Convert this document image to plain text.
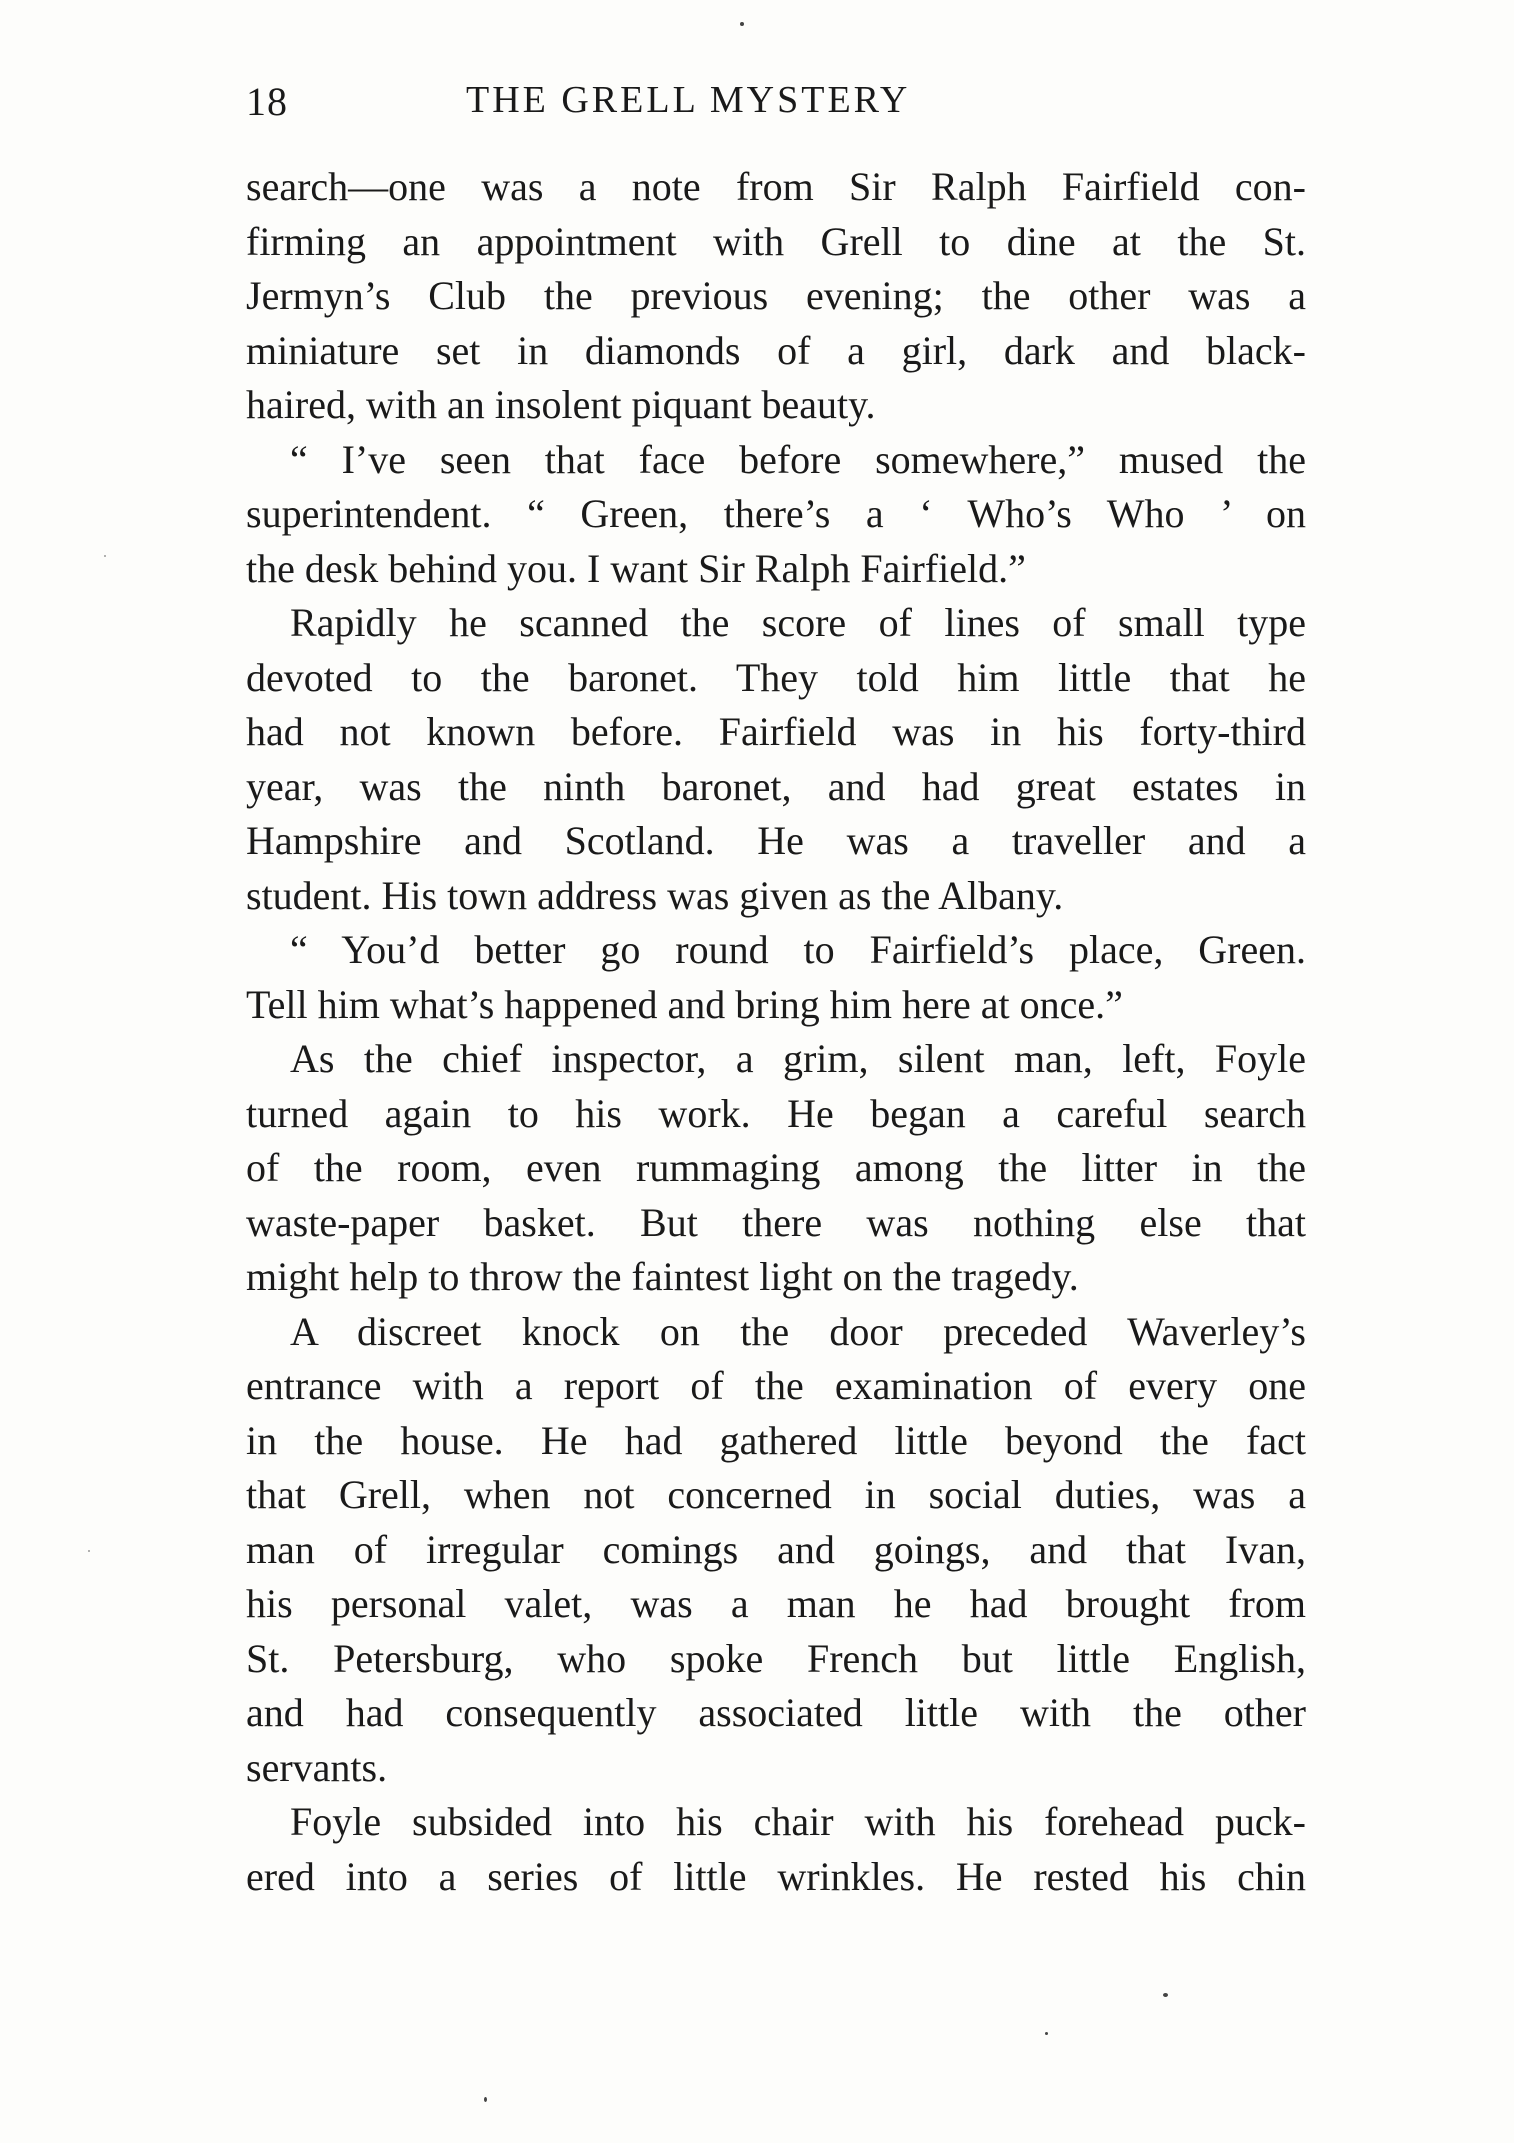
18	THE GRELL MYSTERY
search—one was a note from Sir Ralph Fairfield con-
firming an appointment with Grell to dine at the St.
Jermyn’s Club the previous evening; the other was a
miniature set in diamonds of a girl, dark and black-
haired, with an insolent piquant beauty.
“ I’ve seen that face before somewhere,” mused the
superintendent. “ Green, there’s a ‘ Who’s Who ’ on
the desk behind you. I want Sir Ralph Fairfield.”
Rapidly he scanned the score of lines of small type
devoted to the baronet. They told him little that he
had not known before. Fairfield was in his forty-third
year, was the ninth baronet, and had great estates in
Hampshire and Scotland. He was a traveller and a
student. His town address was given as the Albany.
“ You’d better go round to Fairfield’s place, Green.
Tell him what’s happened and bring him here at once.”
As the chief inspector, a grim, silent man, left, Foyle
turned again to his work. He began a careful search
of the room, even rummaging among the litter in the
waste-paper basket. But there was nothing else that
might help to throw the faintest light on the tragedy.
A discreet knock on the door preceded Waverley’s
entrance with a report of the examination of every one
in the house. He had gathered little beyond the fact
that Grell, when not concerned in social duties, was a
man of irregular comings and goings, and that Ivan,
his personal valet, was a man he had brought from
St. Petersburg, who spoke French but little English,
and had consequently associated little with the other
servants.
Foyle subsided into his chair with his forehead puck-
ered into a series of little wrinkles. He rested his chin
